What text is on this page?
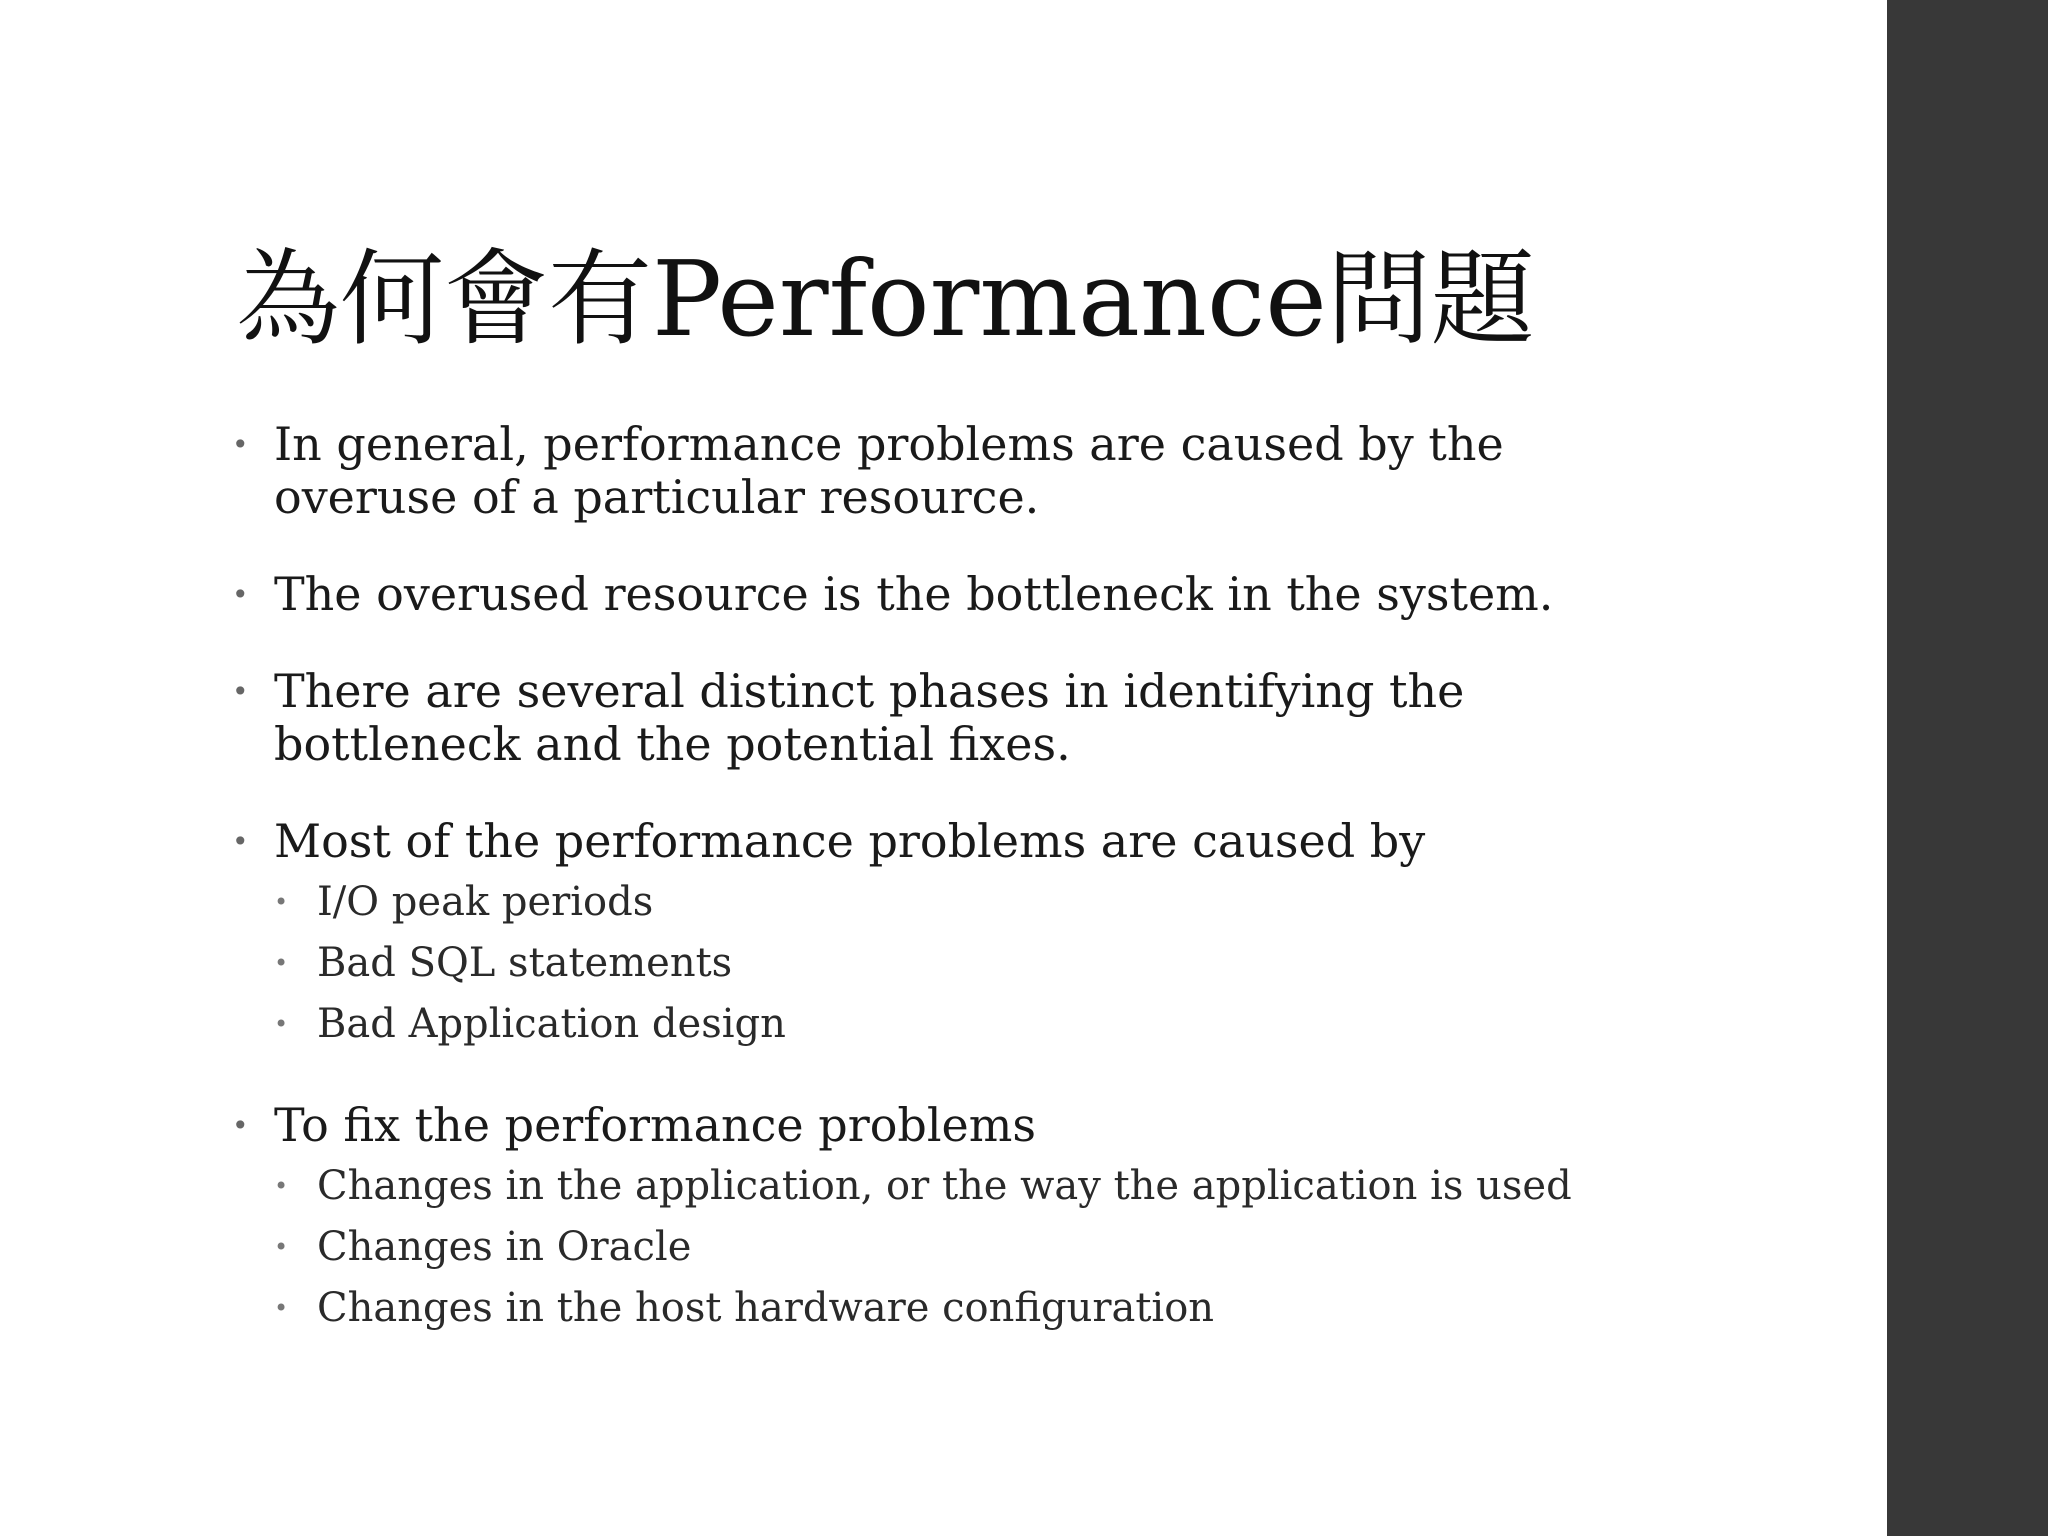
為何會有Performance問題
• In general, performance problems are caused by the overuse of a particular resource.
• The overused resource is the bottleneck in the system.
• There are several distinct phases in identifying the bottleneck and the potential fixes.
• Most of the performance problems are caused by
• I/O peak periods
• Bad SQL statements
• Bad Application design
• To fix the performance problems
• Changes in the application, or the way the application is used
• Changes in Oracle
• Changes in the host hardware configuration
